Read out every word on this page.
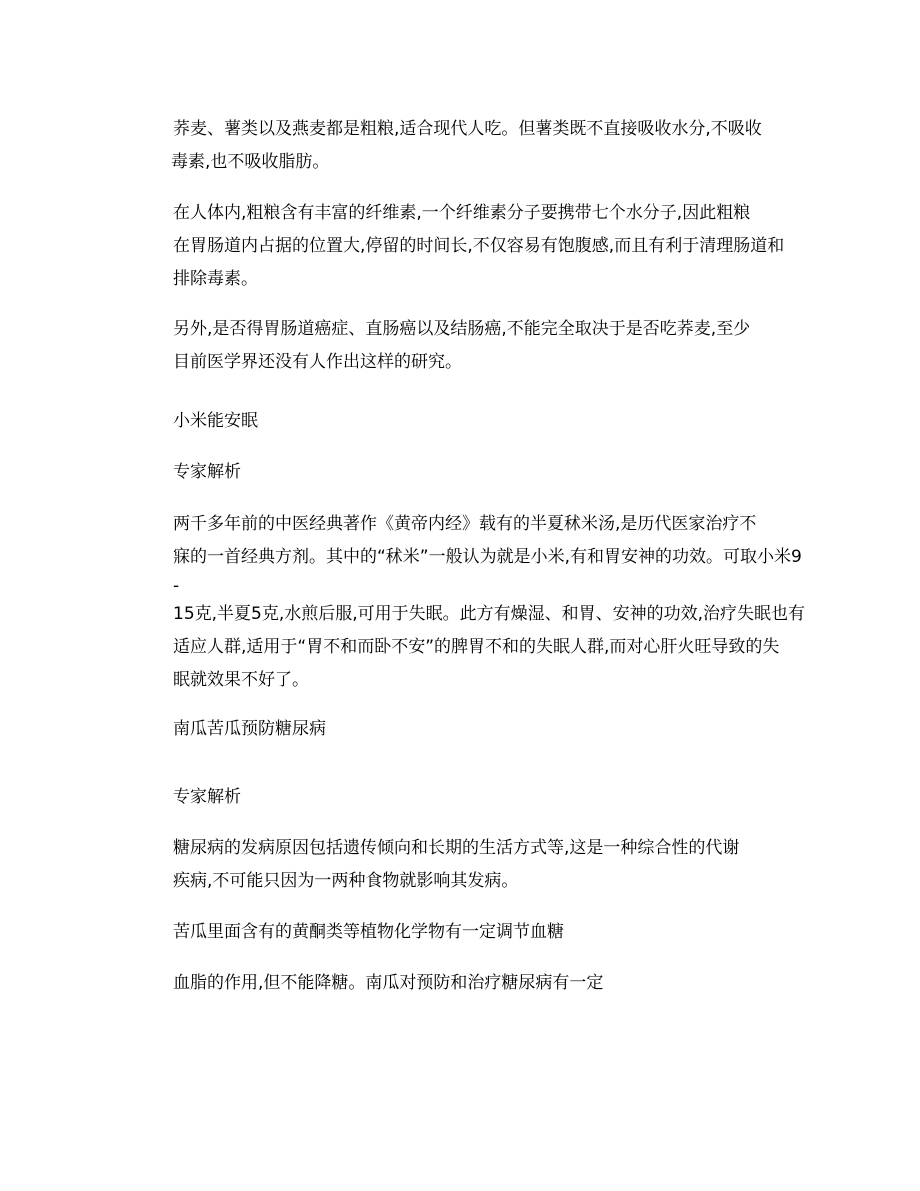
荞麦、薯类以及燕麦都是粗粮,适合现代人吃。但薯类既不直接吸收水分,不吸收
毒素,也不吸收脂肪。
在人体内,粗粮含有丰富的纤维素,一个纤维素分子要携带七个水分子,因此粗粮
在胃肠道内占据的位置大,停留的时间长,不仅容易有饱腹感,而且有利于清理肠道和
排除毒素。
另外,是否得胃肠道癌症、直肠癌以及结肠癌,不能完全取决于是否吃荞麦,至少
目前医学界还没有人作出这样的研究。
小米能安眠
专家解析
两千多年前的中医经典著作《黄帝内经》载有的半夏秫米汤,是历代医家治疗不
寐的一首经典方剂。其中的“秫米”一般认为就是小米,有和胃安神的功效。可取小米9
-
15克,半夏5克,水煎后服,可用于失眠。此方有燥湿、和胃、安神的功效,治疗失眠也有
适应人群,适用于“胃不和而卧不安”的脾胃不和的失眠人群,而对心肝火旺导致的失
眠就效果不好了。
南瓜苦瓜预防糖尿病
专家解析
糖尿病的发病原因包括遗传倾向和长期的生活方式等,这是一种综合性的代谢
疾病,不可能只因为一两种食物就影响其发病。
苦瓜里面含有的黄酮类等植物化学物有一定调节血糖
血脂的作用,但不能降糖。南瓜对预防和治疗糖尿病有一定
